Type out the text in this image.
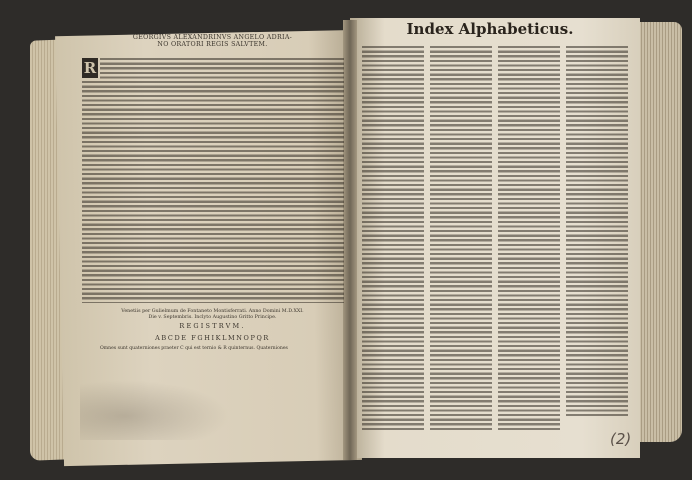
GEORGIVS ALEXANDRINVS ANGELO ADRIA-
NO ORATORI REGIS SALVTEM.
R
Venetiis per Gulielmum de Fontaneto Montisferrati. Anno Domini M.D.XXI.
Die v. Septembris. Inclyto Augustino Gritto Principe.
REGISTRVM.
ABCDE FGHIKLMNOPQR
Omnes sunt quaterniones praeter C qui est ternio & R quinternus. Quaterniones
Index Alphabeticus.
(2)
